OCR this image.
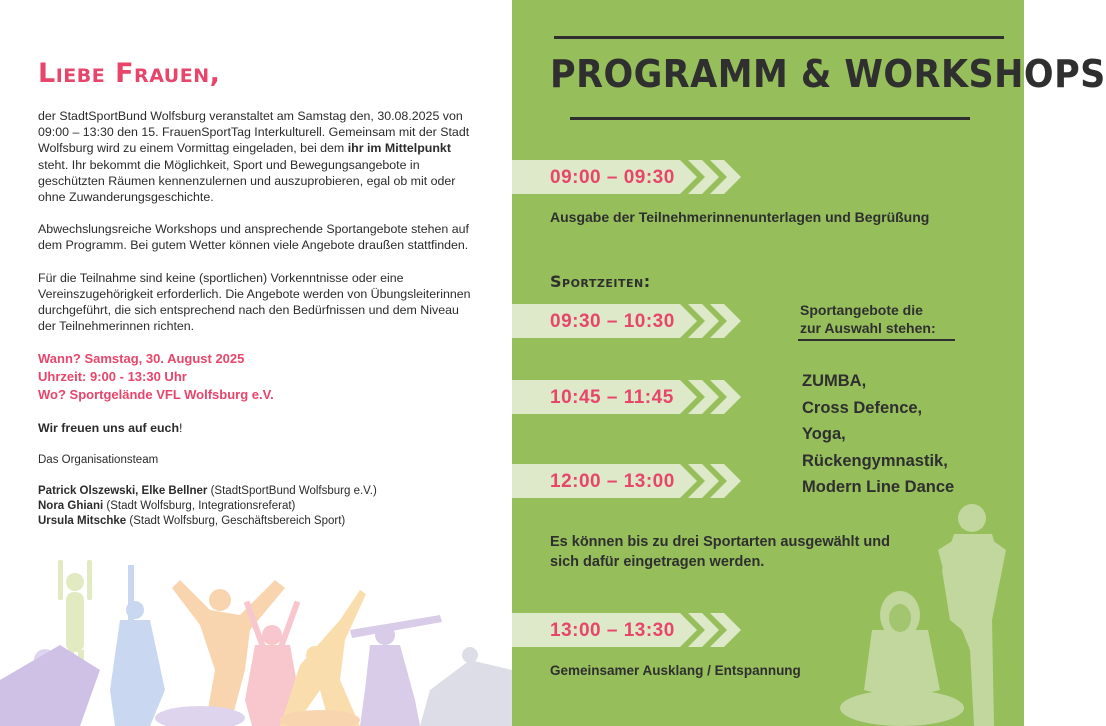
Liebe Frauen,

der StadtSportBund Wolfsburg veranstaltet am Samstag den, 30.08.2025 von 09:00 – 13:30 den 15. FrauenSportTag Interkulturell. Gemeinsam mit der Stadt Wolfsburg wird zu einem Vormittag eingeladen, bei dem ihr im Mittelpunkt steht. Ihr bekommt die Möglichkeit, Sport und Bewegungsangebote in geschützten Räumen kennenzulernen und auszuprobieren, egal ob mit oder ohne Zuwanderungsgeschichte.

Abwechslungsreiche Workshops und ansprechende Sportangebote stehen auf dem Programm. Bei gutem Wetter können viele Angebote draußen stattfinden.

Für die Teilnahme sind keine (sportlichen) Vorkenntnisse oder eine Vereinszugehörigkeit erforderlich. Die Angebote werden von Übungsleiterinnen durchgeführt, die sich entsprechend nach den Bedürfnissen und dem Niveau der Teilnehmerinnen richten.

Wann? Samstag, 30. August 2025
Uhrzeit: 9:00 - 13:30 Uhr
Wo? Sportgelände VFL Wolfsburg e.V.

Wir freuen uns auf euch!

Das Organisationsteam

Patrick Olszewski, Elke Bellner (StadtSportBund Wolfsburg e.V.)
Nora Ghiani (Stadt Wolfsburg, Integrationsreferat)
Ursula Mitschke (Stadt Wolfsburg, Geschäftsbereich Sport)
PROGRAMM & WORKSHOPS
09:00 – 09:30
Ausgabe der Teilnehmerinnenunterlagen und Begrüßung
Sportzeiten:
09:30 – 10:30
Sportangebote die
zur Auswahl stehen:
10:45 – 11:45
ZUMBA,
Cross Defence,
Yoga,
Rückengymnastik,
Modern Line Dance
12:00 – 13:00
Es können bis zu drei Sportarten ausgewählt und
sich dafür eingetragen werden.
13:00 – 13:30
Gemeinsamer Ausklang / Entspannung
